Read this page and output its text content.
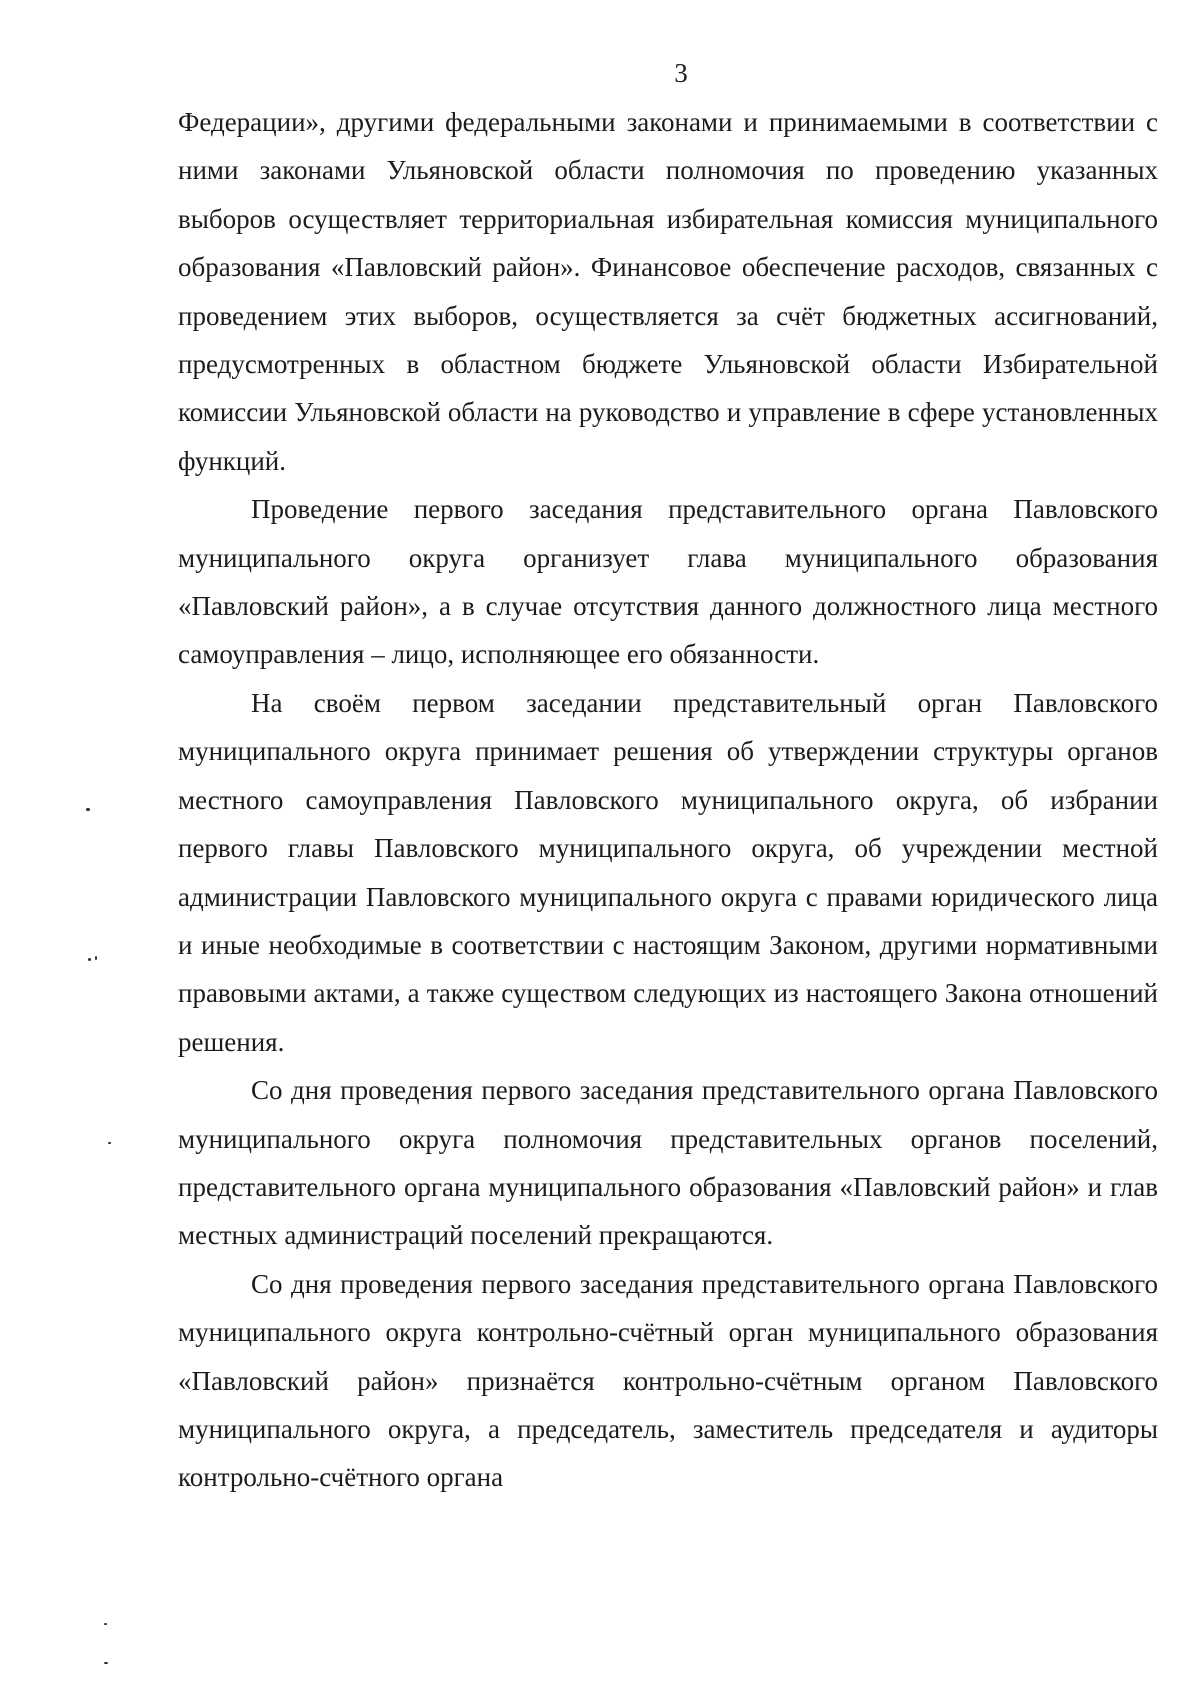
3

Федерации», другими федеральными законами и принимаемыми в соответствии с ними законами Ульяновской области полномочия по проведению указанных выборов осуществляет территориальная избирательная комиссия муниципального образования «Павловский район». Финансовое обеспечение расходов, связанных с проведением этих выборов, осуществляется за счёт бюджетных ассигнований, предусмотренных в областном бюджете Ульяновской области Избирательной комиссии Ульяновской области на руководство и управление в сфере установленных функций.

Проведение первого заседания представительного органа Павловского муниципального округа организует глава муниципального образования «Павловский район», а в случае отсутствия данного должностного лица местного самоуправления – лицо, исполняющее его обязанности.

На своём первом заседании представительный орган Павловского муниципального округа принимает решения об утверждении структуры органов местного самоуправления Павловского муниципального округа, об избрании первого главы Павловского муниципального округа, об учреждении местной администрации Павловского муниципального округа с правами юридического лица и иные необходимые в соответствии с настоящим Законом, другими нормативными правовыми актами, а также существом следующих из настоящего Закона отношений решения.

Со дня проведения первого заседания представительного органа Павловского муниципального округа полномочия представительных органов поселений, представительного органа муниципального образования «Павловский район» и глав местных администраций поселений прекращаются.

Со дня проведения первого заседания представительного органа Павловского муниципального округа контрольно-счётный орган муниципального образования «Павловский район» признаётся контрольно-счётным органом Павловского муниципального округа, а председатель, заместитель председателя и аудиторы контрольно-счётного органа
